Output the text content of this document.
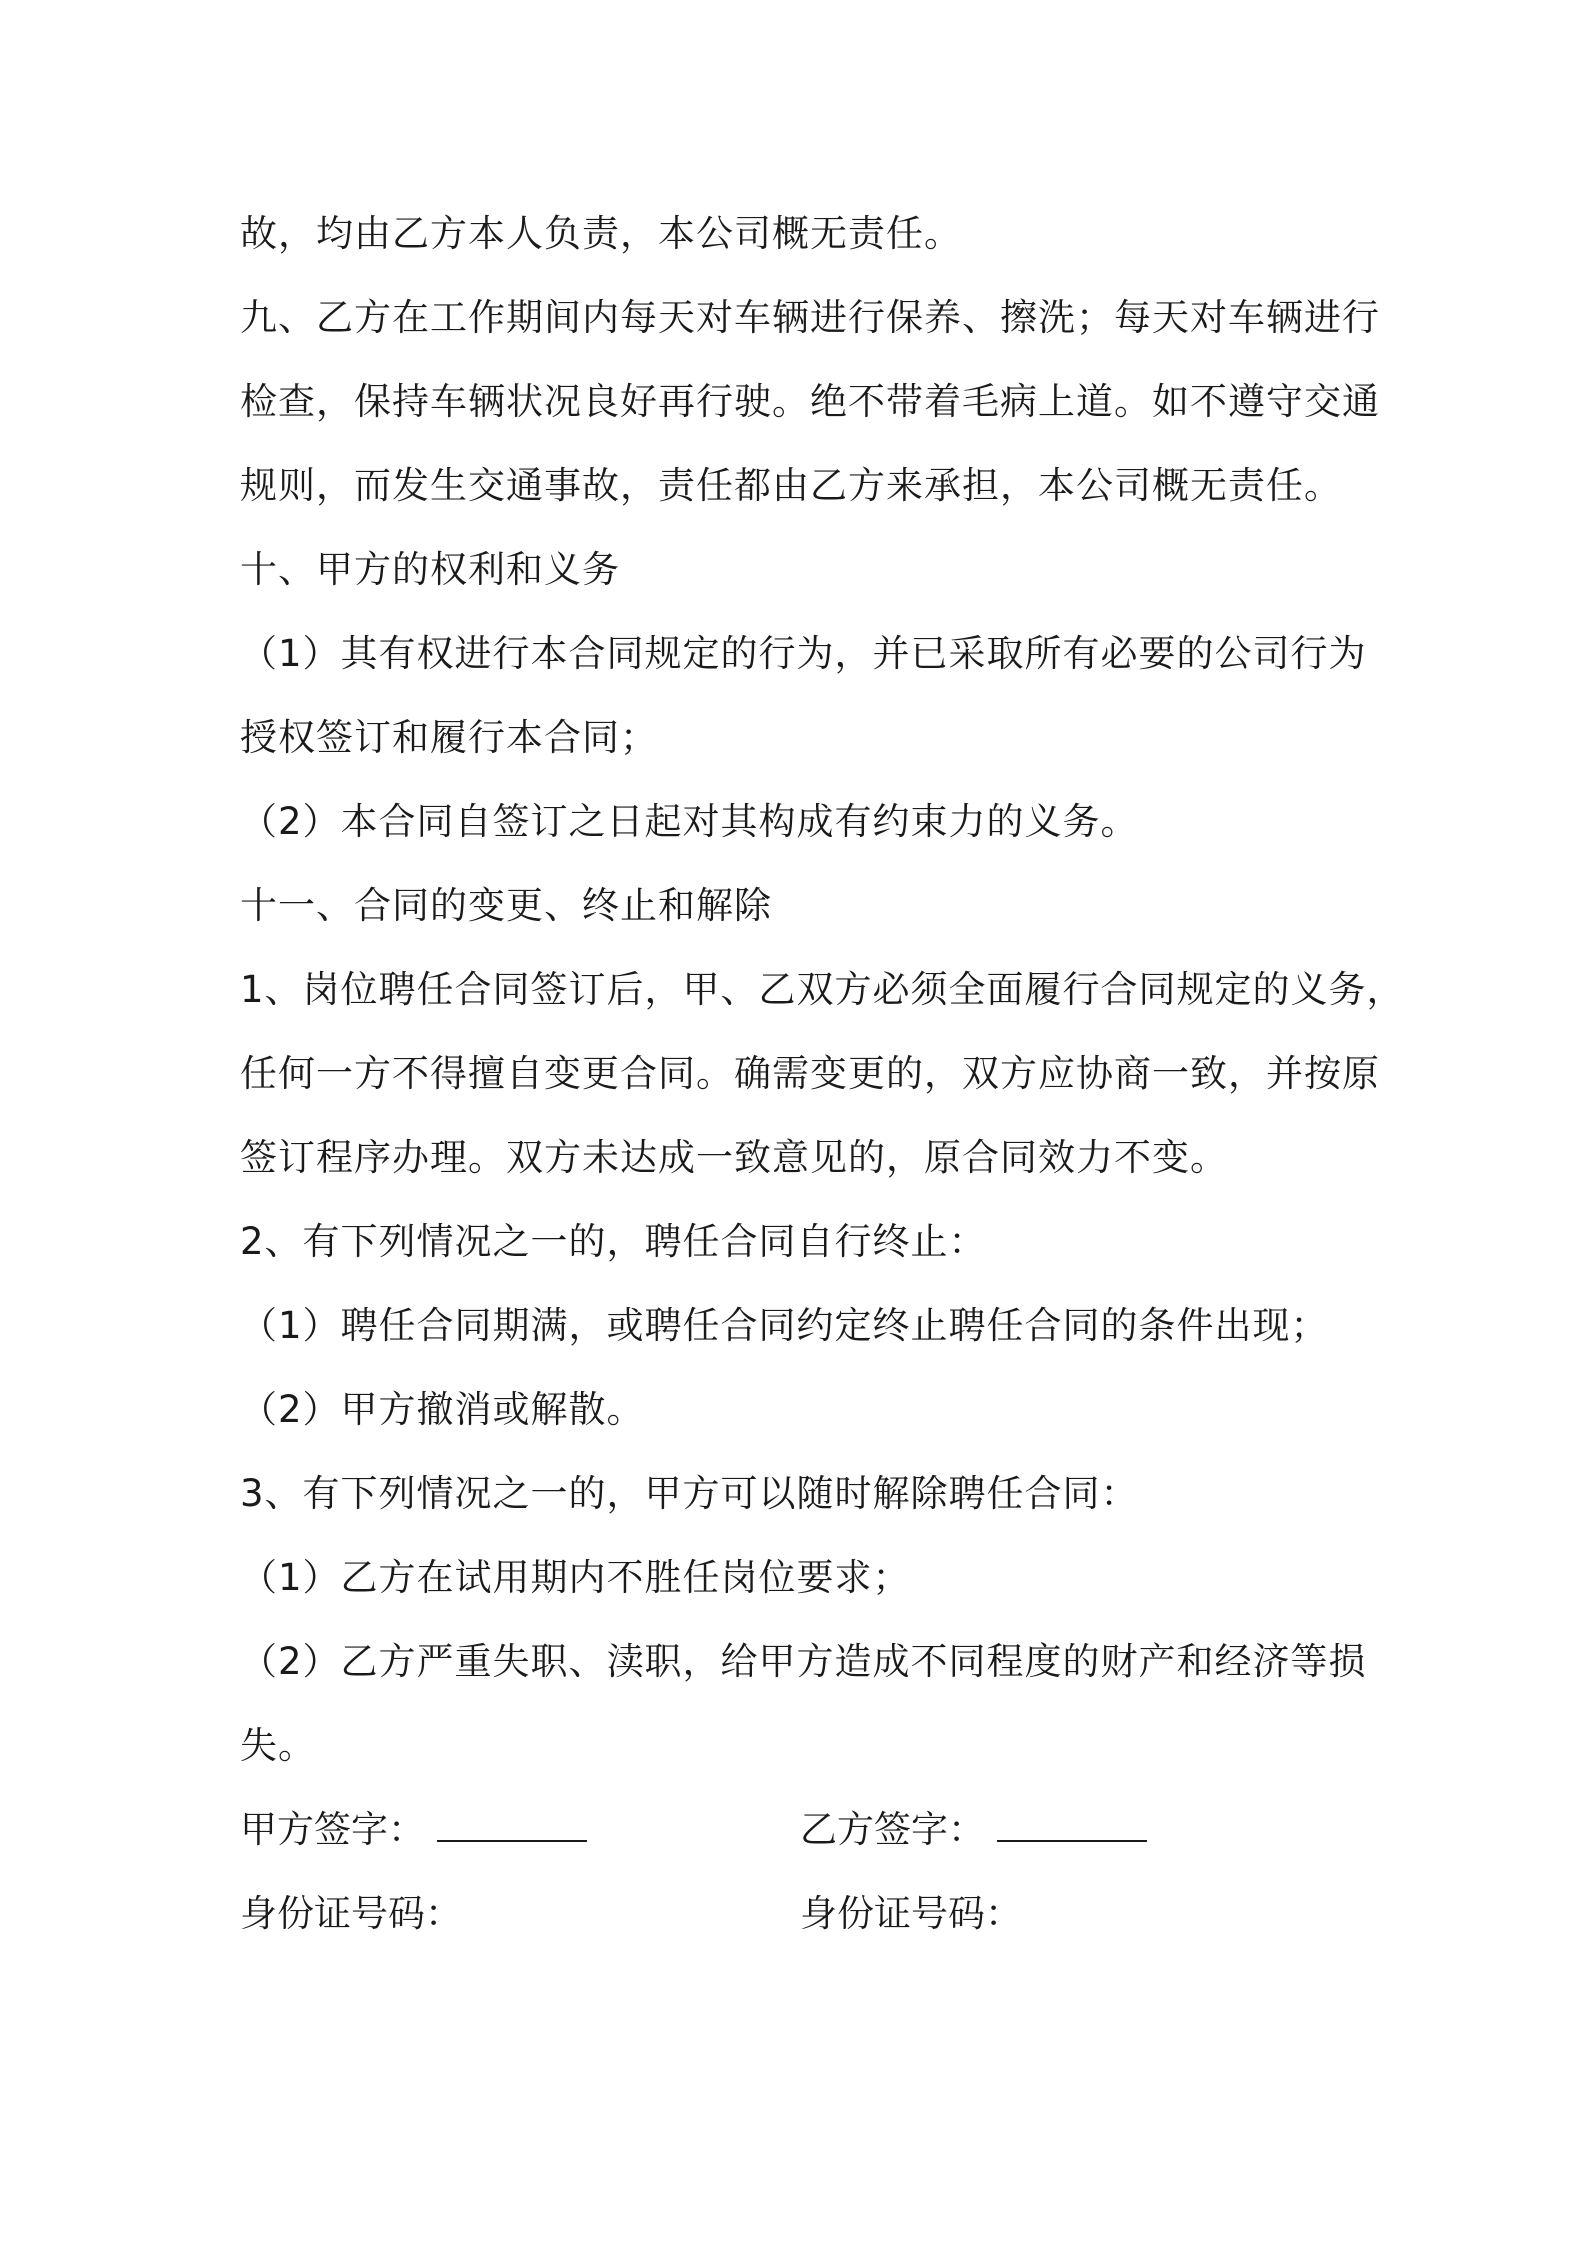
故，均由乙方本人负责，本公司概无责任。
九、乙方在工作期间内每天对车辆进行保养、擦洗；每天对车辆进行
检查，保持车辆状况良好再行驶。绝不带着毛病上道。如不遵守交通
规则，而发生交通事故，责任都由乙方来承担，本公司概无责任。
十、甲方的权利和义务
（1）其有权进行本合同规定的行为，并已采取所有必要的公司行为
授权签订和履行本合同；
（2）本合同自签订之日起对其构成有约束力的义务。
十一、合同的变更、终止和解除
1、岗位聘任合同签订后，甲、乙双方必须全面履行合同规定的义务，
任何一方不得擅自变更合同。确需变更的，双方应协商一致，并按原
签订程序办理。双方未达成一致意见的，原合同效力不变。
2、有下列情况之一的，聘任合同自行终止：
（1）聘任合同期满，或聘任合同约定终止聘任合同的条件出现；
（2）甲方撤消或解散。
3、有下列情况之一的，甲方可以随时解除聘任合同：
（1）乙方在试用期内不胜任岗位要求；
（2）乙方严重失职、渎职，给甲方造成不同程度的财产和经济等损
失。
甲方签字：	乙方签字：
身份证号码：	身份证号码：
